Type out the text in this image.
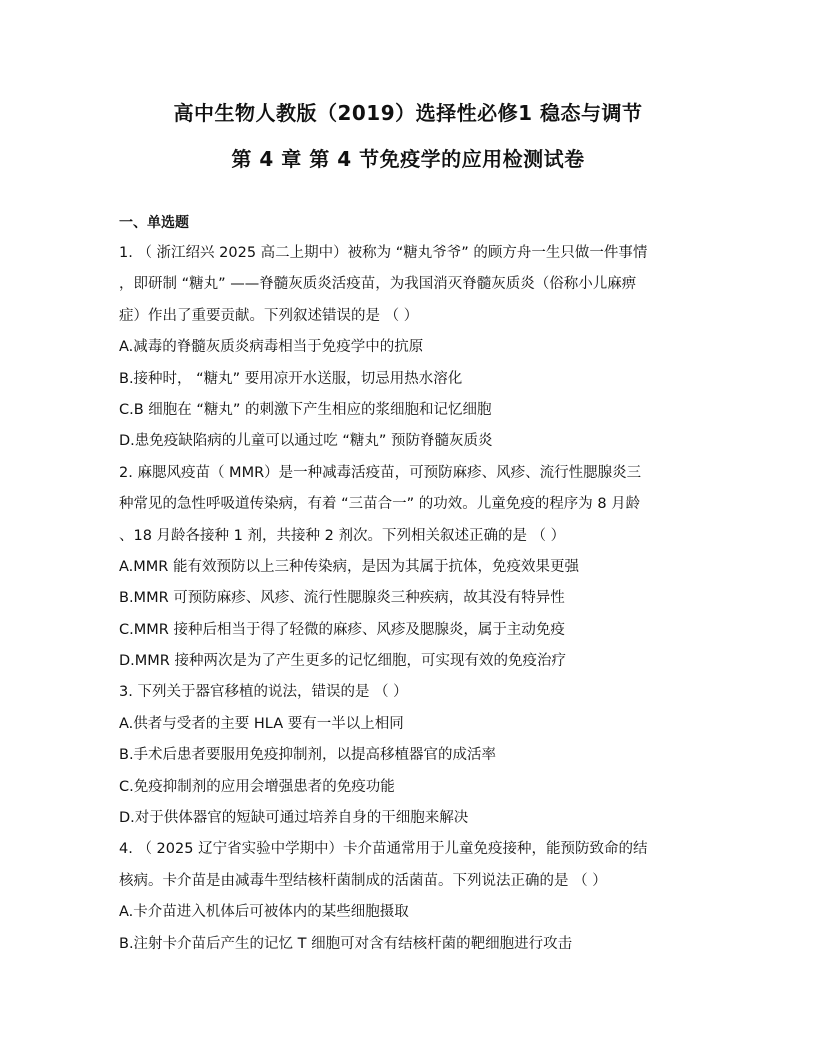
高中生物人教版（2019）选择性必修1 稳态与调节
第 4 章 第 4 节免疫学的应用检测试卷
一、单选题
1. （ 浙江绍兴 2025 高二上期中）被称为 “糖丸爷爷” 的顾方舟一生只做一件事情
，即研制 “糖丸” ——脊髓灰质炎活疫苗，为我国消灭脊髓灰质炎（俗称小儿麻痹
症）作出了重要贡献。下列叙述错误的是 （ ）
A.减毒的脊髓灰质炎病毒相当于免疫学中的抗原
B.接种时， “糖丸” 要用凉开水送服，切忌用热水溶化
C.B 细胞在 “糖丸” 的刺激下产生相应的浆细胞和记忆细胞
D.患免疫缺陷病的儿童可以通过吃 “糖丸” 预防脊髓灰质炎
2. 麻腮风疫苗（ MMR）是一种减毒活疫苗，可预防麻疹、风疹、流行性腮腺炎三
种常见的急性呼吸道传染病，有着 “三苗合一” 的功效。儿童免疫的程序为 8 月龄
、18 月龄各接种 1 剂，共接种 2 剂次。下列相关叙述正确的是 （ ）
A.MMR 能有效预防以上三种传染病，是因为其属于抗体，免疫效果更强
B.MMR 可预防麻疹、风疹、流行性腮腺炎三种疾病，故其没有特异性
C.MMR 接种后相当于得了轻微的麻疹、风疹及腮腺炎，属于主动免疫
D.MMR 接种两次是为了产生更多的记忆细胞，可实现有效的免疫治疗
3. 下列关于器官移植的说法，错误的是 （ ）
A.供者与受者的主要 HLA 要有一半以上相同
B.手术后患者要服用免疫抑制剂，以提高移植器官的成活率
C.免疫抑制剂的应用会增强患者的免疫功能
D.对于供体器官的短缺可通过培养自身的干细胞来解决
4. （ 2025 辽宁省实验中学期中）卡介苗通常用于儿童免疫接种，能预防致命的结
核病。卡介苗是由减毒牛型结核杆菌制成的活菌苗。下列说法正确的是 （ ）
A.卡介苗进入机体后可被体内的某些细胞摄取
B.注射卡介苗后产生的记忆 T 细胞可对含有结核杆菌的靶细胞进行攻击
